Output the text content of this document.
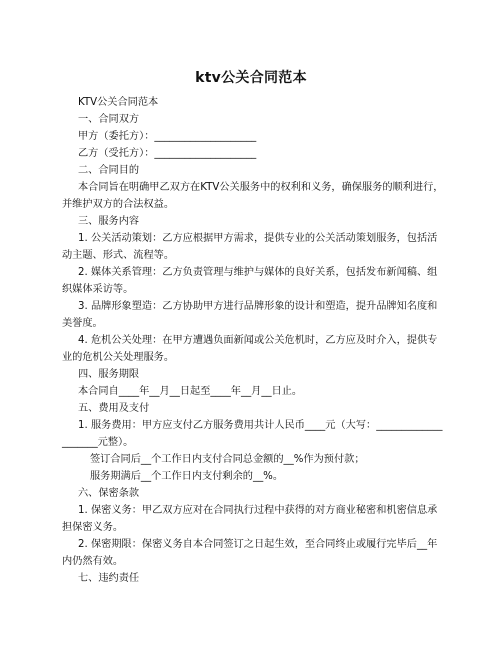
ktv公关合同范本
KTV公关合同范本
一、合同双方
甲方（委托方）：____________________
乙方（受托方）：____________________
二、合同目的
本合同旨在明确甲乙双方在KTV公关服务中的权利和义务，确保服务的顺利进行，并维护双方的合法权益。
三、服务内容
1. 公关活动策划：乙方应根据甲方需求，提供专业的公关活动策划服务，包括活动主题、形式、流程等。
2. 媒体关系管理：乙方负责管理与维护与媒体的良好关系，包括发布新闻稿、组织媒体采访等。
3. 品牌形象塑造：乙方协助甲方进行品牌形象的设计和塑造，提升品牌知名度和美誉度。
4. 危机公关处理：在甲方遭遇负面新闻或公关危机时，乙方应及时介入，提供专业的危机公关处理服务。
四、服务期限
本合同自____年__月__日起至____年__月__日止。
五、费用及支付
1. 服务费用：甲方应支付乙方服务费用共计人民币____元（大写：____________________元整）。
签订合同后__个工作日内支付合同总金额的__%作为预付款；
服务期满后__个工作日内支付剩余的__%。
六、保密条款
1. 保密义务：甲乙双方应对在合同执行过程中获得的对方商业秘密和机密信息承担保密义务。
2. 保密期限：保密义务自本合同签订之日起生效，至合同终止或履行完毕后__年内仍然有效。
七、违约责任
